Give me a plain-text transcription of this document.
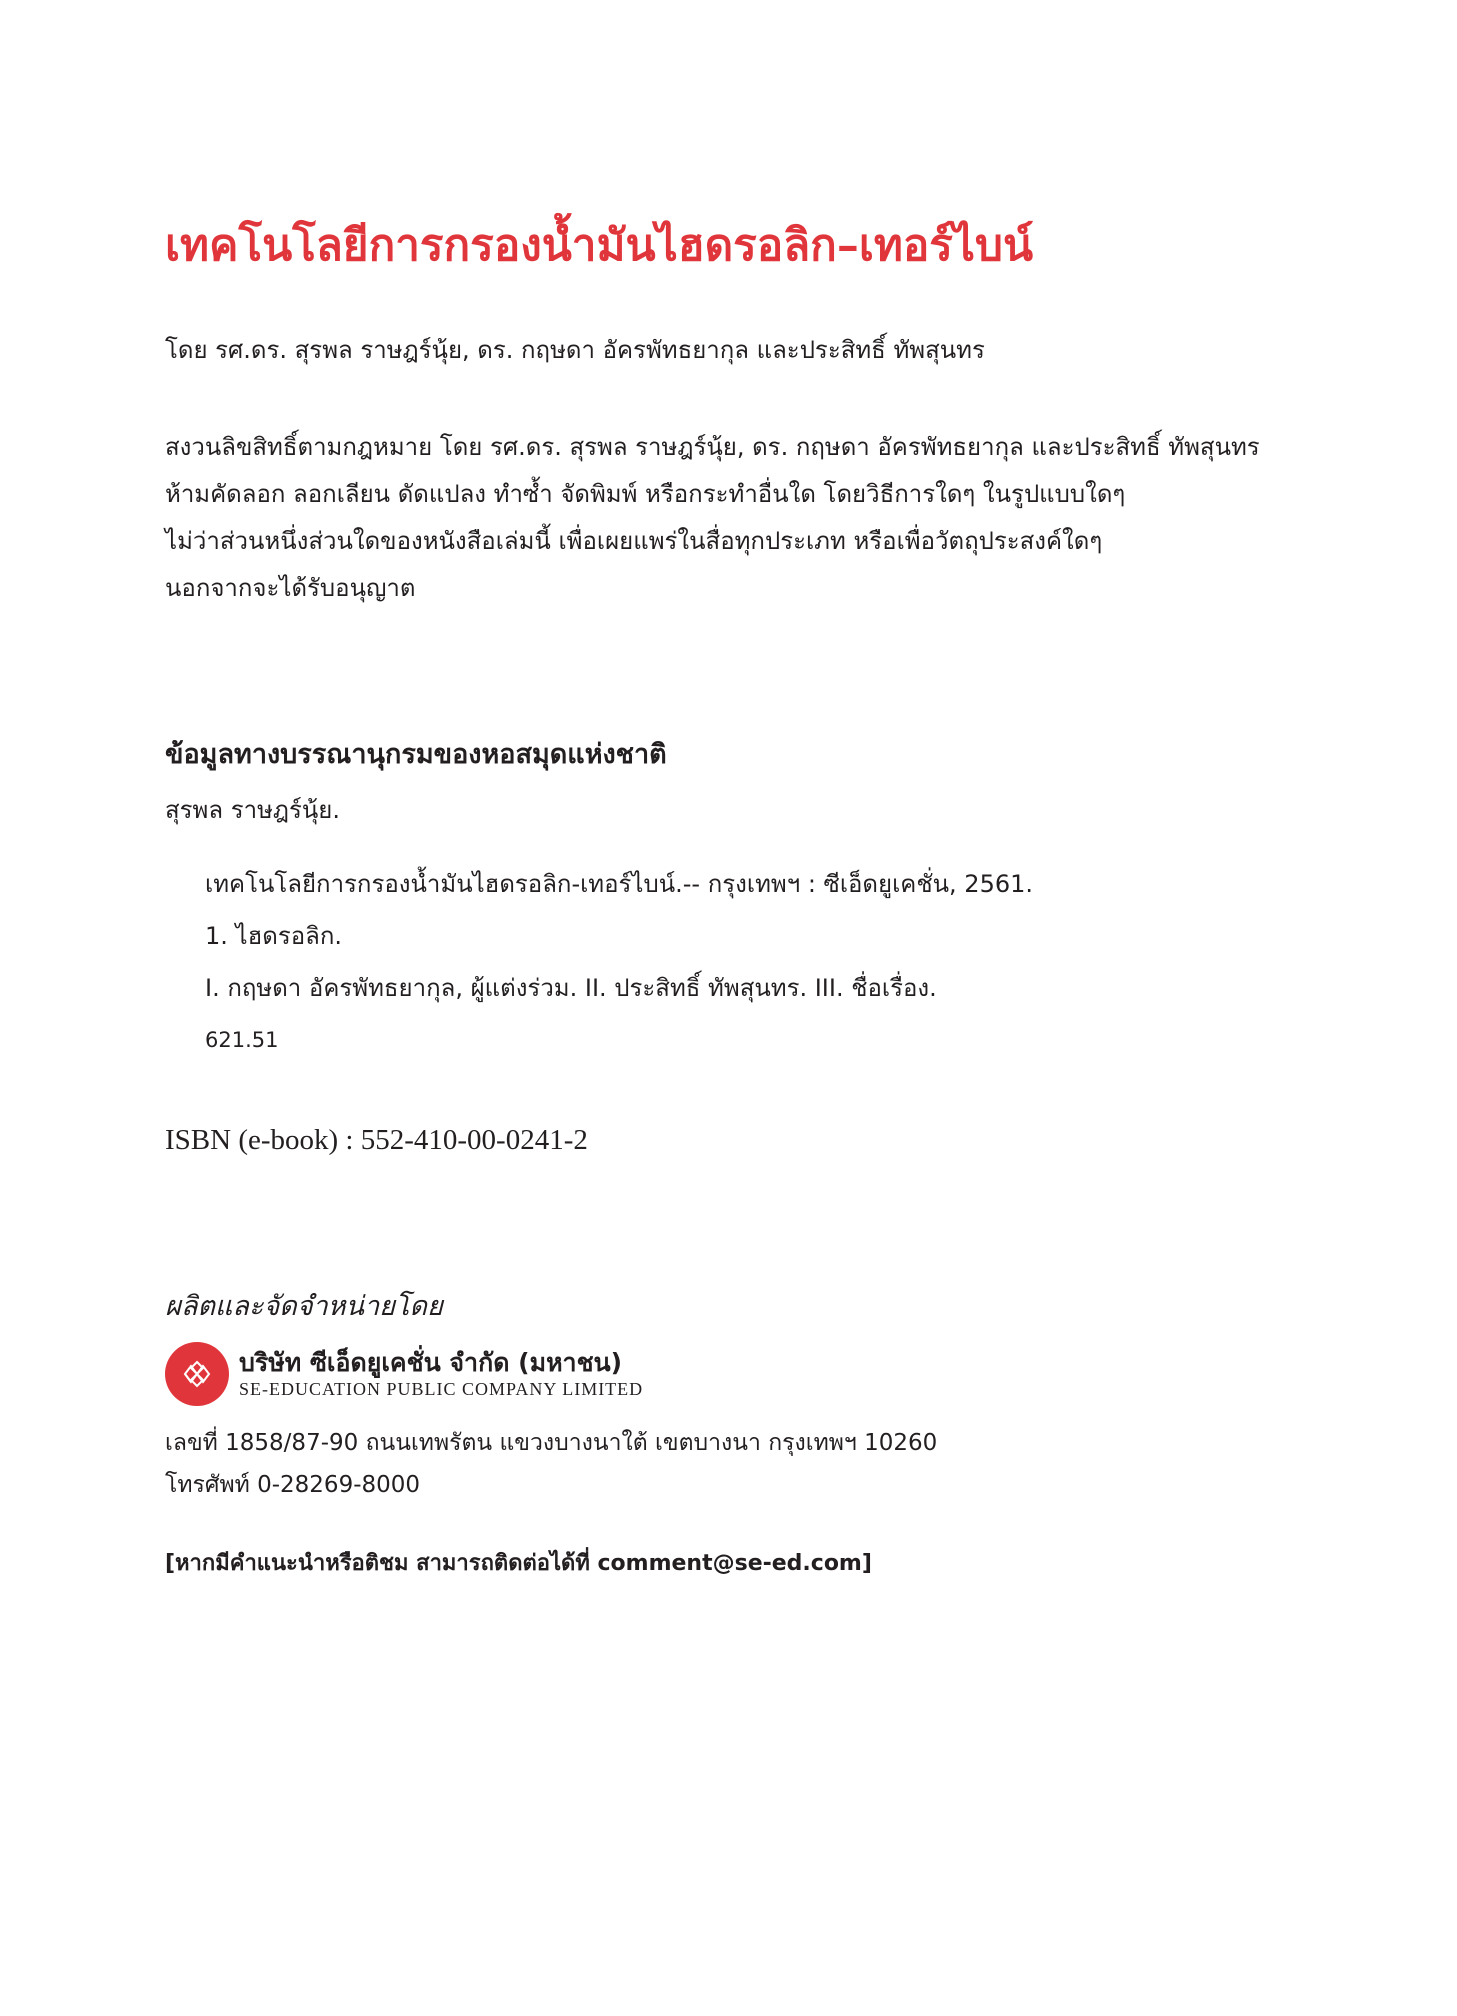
เทคโนโลยีการกรองน้ำมันไฮดรอลิก–เทอร์ไบน์
โดย รศ.ดร. สุรพล ราษฎร์นุ้ย, ดร. กฤษดา อัครพัทธยากุล และประสิทธิ์ ทัพสุนทร
สงวนลิขสิทธิ์ตามกฎหมาย โดย รศ.ดร. สุรพล ราษฎร์นุ้ย, ดร. กฤษดา อัครพัทธยากุล และประสิทธิ์ ทัพสุนทร
ห้ามคัดลอก ลอกเลียน ดัดแปลง ทำซ้ำ จัดพิมพ์ หรือกระทำอื่นใด โดยวิธีการใดๆ ในรูปแบบใดๆ
ไม่ว่าส่วนหนึ่งส่วนใดของหนังสือเล่มนี้ เพื่อเผยแพร่ในสื่อทุกประเภท หรือเพื่อวัตถุประสงค์ใดๆ
นอกจากจะได้รับอนุญาต
ข้อมูลทางบรรณานุกรมของหอสมุดแห่งชาติ
สุรพล ราษฎร์นุ้ย.
เทคโนโลยีการกรองน้ำมันไฮดรอลิก-เทอร์ไบน์.-- กรุงเทพฯ : ซีเอ็ดยูเคชั่น, 2561.
1. ไฮดรอลิก.
I. กฤษดา อัครพัทธยากุล, ผู้แต่งร่วม. II. ประสิทธิ์ ทัพสุนทร. III. ชื่อเรื่อง.
621.51
ISBN (e-book) : 552-410-00-0241-2
ผลิตและจัดจำหน่ายโดย
บริษัท ซีเอ็ดยูเคชั่น จำกัด (มหาชน)
SE-EDUCATION PUBLIC COMPANY LIMITED
เลขที่ 1858/87-90 ถนนเทพรัตน แขวงบางนาใต้ เขตบางนา กรุงเทพฯ 10260
โทรศัพท์ 0-28269-8000
[หากมีคำแนะนำหรือติชม สามารถติดต่อได้ที่ comment@se-ed.com]
